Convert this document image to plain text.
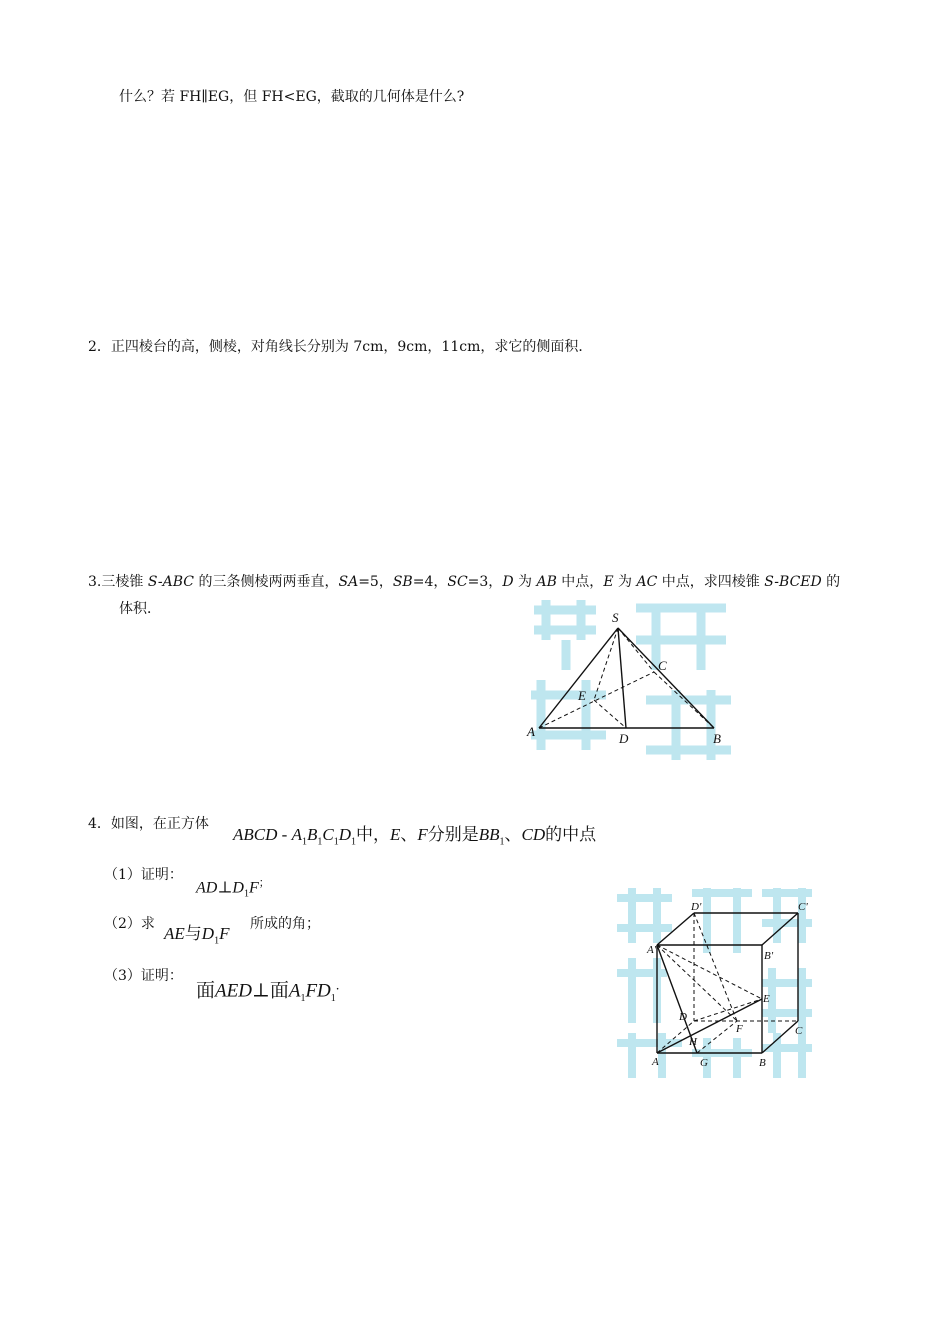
什么？若 FH∥EG，但 FH<EG，截取的几何体是什么?
2．正四棱台的高，侧棱，对角线长分别为 7cm，9cm，11cm，求它的侧面积．
3.三棱锥 S-ABC 的三条侧棱两两垂直，SA=5，SB=4，SC=3，D 为 AB 中点，E 为 AC 中点，求四棱锥 S-BCED 的
体积．
S
C
E
A	D	B
4．如图，在正方体
ABCD - $A_1B_1C_1D_1$中，E、F分别是$BB_1$、CD的中点
（1）证明：
$AD\perp D_1F^;$
（2）求 AE与$D_1F$ 所成的角；
（3）证明：
面AED⊥面$A_1FD_1^.$
D'	C'
A'	B'
E
D
F	C
H
A	G	B
